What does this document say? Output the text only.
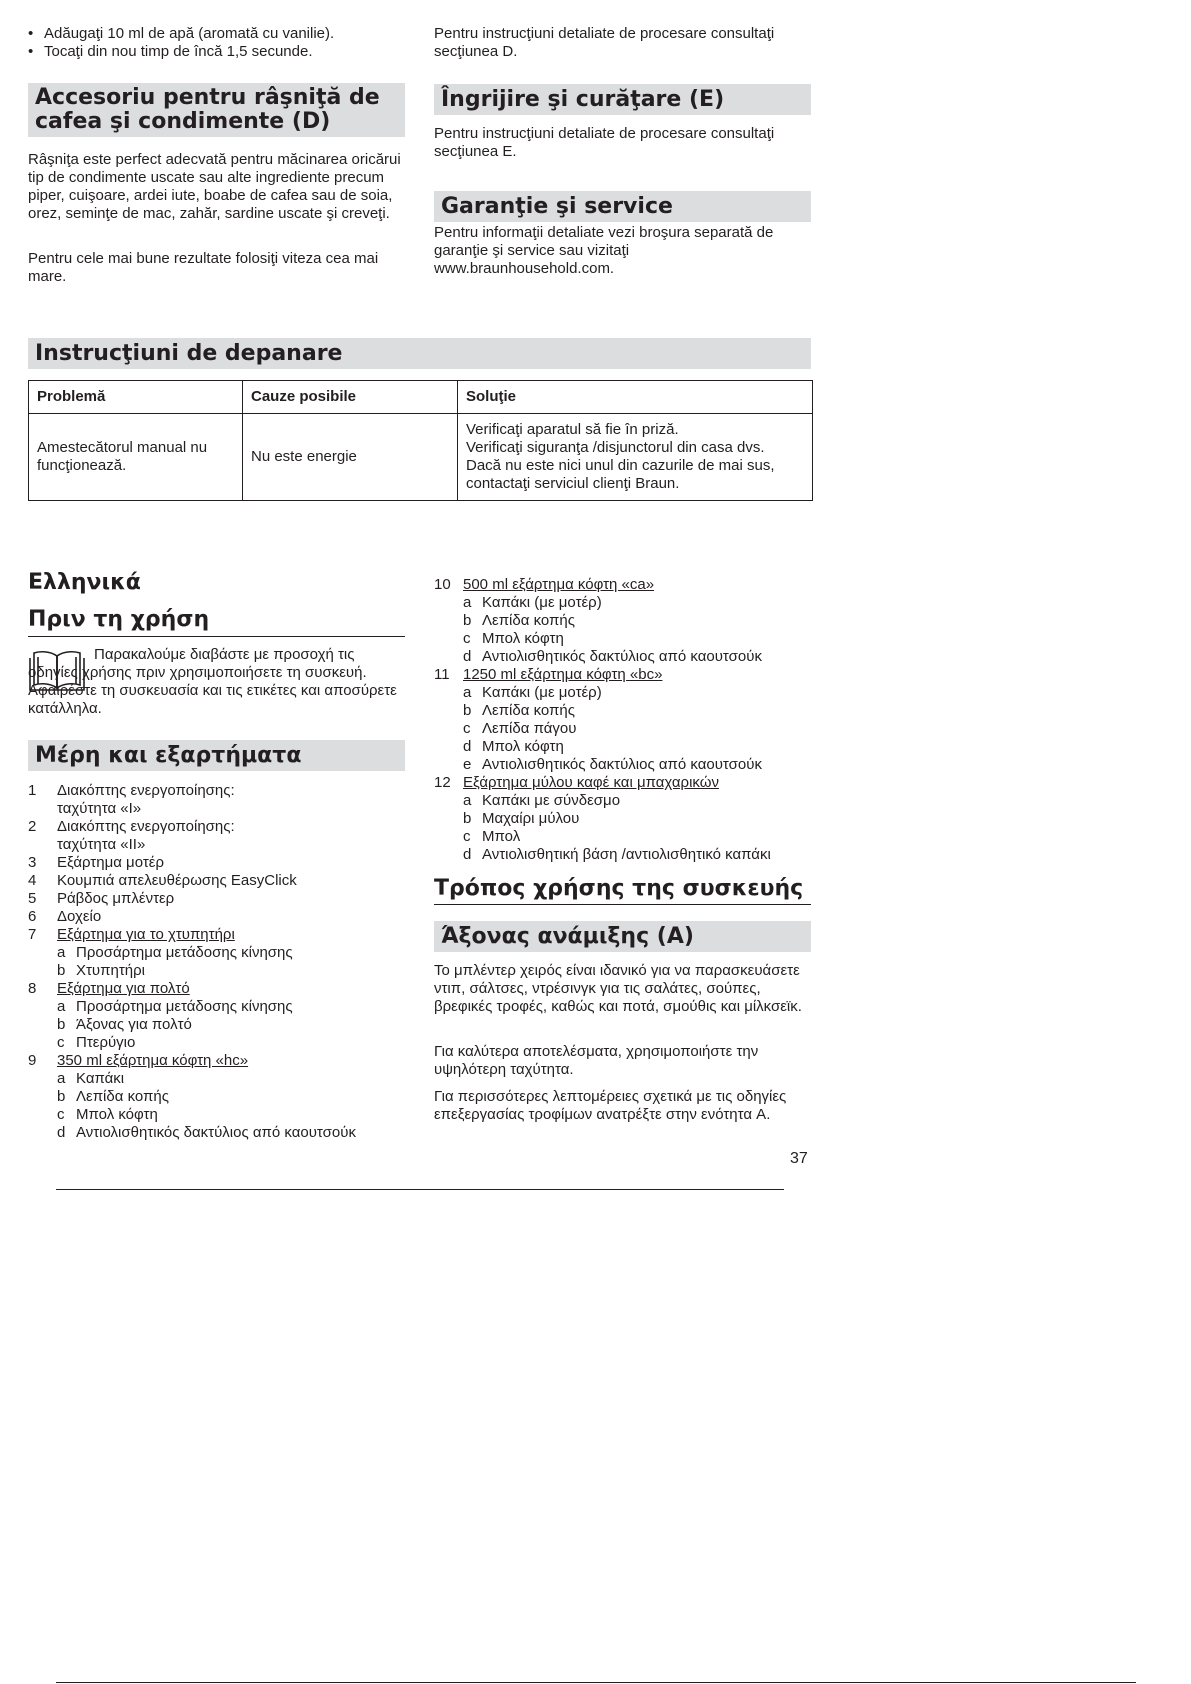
• Adăugaţi 10 ml de apă (aromată cu vanilie).

• Tocaţi din nou timp de încă 1,5 secunde.

Accesoriu pentru râşniţă de cafea şi condimente (D)

Râşniţa este perfect adecvată pentru măcinarea oricărui tip de condimente uscate sau alte ingrediente precum piper, cuişoare, ardei iute, boabe de cafea sau de soia, orez, seminţe de mac, zahăr, sardine uscate şi creveţi.

Pentru cele mai bune rezultate folosiţi viteza cea mai mare.

Pentru instrucţiuni detaliate de procesare consultaţi secţiunea D.

Îngrijire şi curăţare (E)

Pentru instrucţiuni detaliate de procesare consultaţi secţiunea E.

Garanţie şi service

Pentru informaţii detaliate vezi broşura separată de garanţie şi service sau vizitaţi www.braunhousehold.com.

Instrucţiuni de depanare
Problemă	Cauze posibile	Soluţie
Amestecătorul manual nu funcţionează.	Nu este energie	Verificaţi aparatul să fie în priză.
Verificaţi siguranţa /disjunctorul din casa dvs.
Dacă nu este nici unul din cazurile de mai sus,
contactaţi serviciul clienţi Braun.
Ελληνικά
Πριν τη χρήση

Παρακαλούμε διαβάστε με προσοχή τις οδηγίες χρήσης πριν χρησιμοποιήσετε τη συσκευή. Αφαιρέστε τη συσκευασία και τις ετικέτες και αποσύρετε κατάλληλα.

Μέρη και εξαρτήματα
1 Διακόπτης ενεργοποίησης:
ταχύτητα «I»
2 Διακόπτης ενεργοποίησης:
ταχύτητα «II»
3 Εξάρτημα μοτέρ
4 Κουμπιά απελευθέρωσης EasyClick
5 Ράβδος μπλέντερ
6 Δοχείο
7 Εξάρτημα για το χτυπητήρι
a Προσάρτημα μετάδοσης κίνησης
b Χτυπητήρι
8 Εξάρτημα για πολτό
a Προσάρτημα μετάδοσης κίνησης
b Άξονας για πολτό
c Πτερύγιο
9 350 ml εξάρτημα κόφτη «hc»
a Καπάκι
b Λεπίδα κοπής
c Μπολ κόφτη
d Αντιολισθητικός δακτύλιος από καουτσούκ
10 500 ml εξάρτημα κόφτη «ca»
a Καπάκι (με μοτέρ)
b Λεπίδα κοπής
c Μπολ κόφτη
d Αντιολισθητικός δακτύλιος από καουτσούκ
11 1250 ml εξάρτημα κόφτη «bc»
a Καπάκι (με μοτέρ)
b Λεπίδα κοπής
c Λεπίδα πάγου
d Μπολ κόφτη
e Αντιολισθητικός δακτύλιος από καουτσούκ
12 Εξάρτημα μύλου καφέ και μπαχαρικών
a Καπάκι με σύνδεσμο
b Μαχαίρι μύλου
c Μπολ
d Αντιολισθητική βάση /αντιολισθητικό καπάκι
Τρόπος χρήσης της συσκευής
Άξονας ανάμιξης (A)

Το μπλέντερ χειρός είναι ιδανικό για να παρασκευάσετε ντιπ, σάλτσες, ντρέσινγκ για τις σαλάτες, σούπες, βρεφικές τροφές, καθώς και ποτά, σμούθις και μίλκσεϊκ.

Για καλύτερα αποτελέσματα, χρησιμοποιήστε την υψηλότερη ταχύτητα.

Για περισσότερες λεπτομέρειες σχετικά με τις οδηγίες επεξεργασίας τροφίμων ανατρέξτε στην ενότητα A.

37
